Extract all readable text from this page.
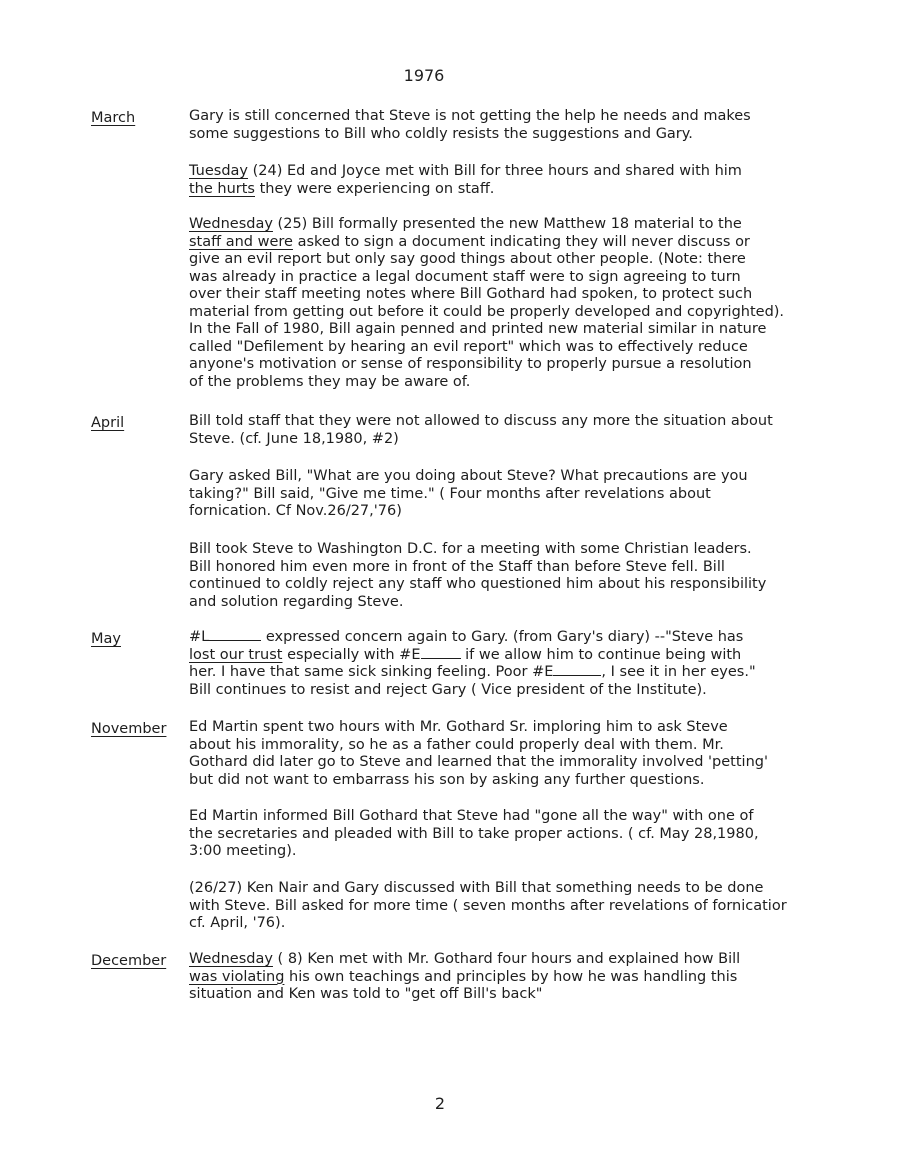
1976
March	Gary is still concerned that Steve is not getting the help he needs and makes
some suggestions to Bill who coldly resists the suggestions and Gary.
Tuesday (24) Ed and Joyce met with Bill for three hours and shared with him
the hurts they were experiencing on staff.
Wednesday (25) Bill formally presented the new Matthew 18 material to the
staff and were asked to sign a document indicating they will never discuss or
give an evil report but only say good things about other people. (Note: there
was already in practice a legal document staff were to sign agreeing to turn
over their staff meeting notes where Bill Gothard had spoken, to protect such
material from getting out before it could be properly developed and copyrighted).
In the Fall of 1980, Bill again penned and printed new material similar in nature
called "Defilement by hearing an evil report" which was to effectively reduce
anyone's motivation or sense of responsibility to properly pursue a resolution
of the problems they may be aware of.
April	Bill told staff that they were not allowed to discuss any more the situation about
Steve. (cf. June 18,1980, #2)
Gary asked Bill, "What are you doing about Steve? What precautions are you
taking?" Bill said, "Give me time." ( Four months after revelations about
fornication. Cf Nov.26/27,'76)
Bill took Steve to Washington D.C. for a meeting with some Christian leaders.
Bill honored him even more in front of the Staff than before Steve fell. Bill
continued to coldly reject any staff who questioned him about his responsibility
and solution regarding Steve.
May	#L	expressed concern again to Gary. (from Gary's diary) --"Steve has
lost our trust especially with #E	if we allow him to continue being with
her. I have that same sick sinking feeling. Poor #E	, I see it in her eyes."
Bill continues to resist and reject Gary ( Vice president of the Institute).
November Ed Martin spent two hours with Mr. Gothard Sr. imploring him to ask Steve
about his immorality, so he as a father could properly deal with them. Mr.
Gothard did later go to Steve and learned that the immorality involved 'petting'
but did not want to embarrass his son by asking any further questions.
Ed Martin informed Bill Gothard that Steve had "gone all the way" with one of
the secretaries and pleaded with Bill to take proper actions. ( cf. May 28,1980,
3:00 meeting).
(26/27) Ken Nair and Gary discussed with Bill that something needs to be done
with Steve. Bill asked for more time ( seven months after revelations of fornicatior
cf. April, '76).
December Wednesday ( 8) Ken met with Mr. Gothard four hours and explained how Bill
was violating his own teachings and principles by how he was handling this
situation and Ken was told to "get off Bill's back"
2
